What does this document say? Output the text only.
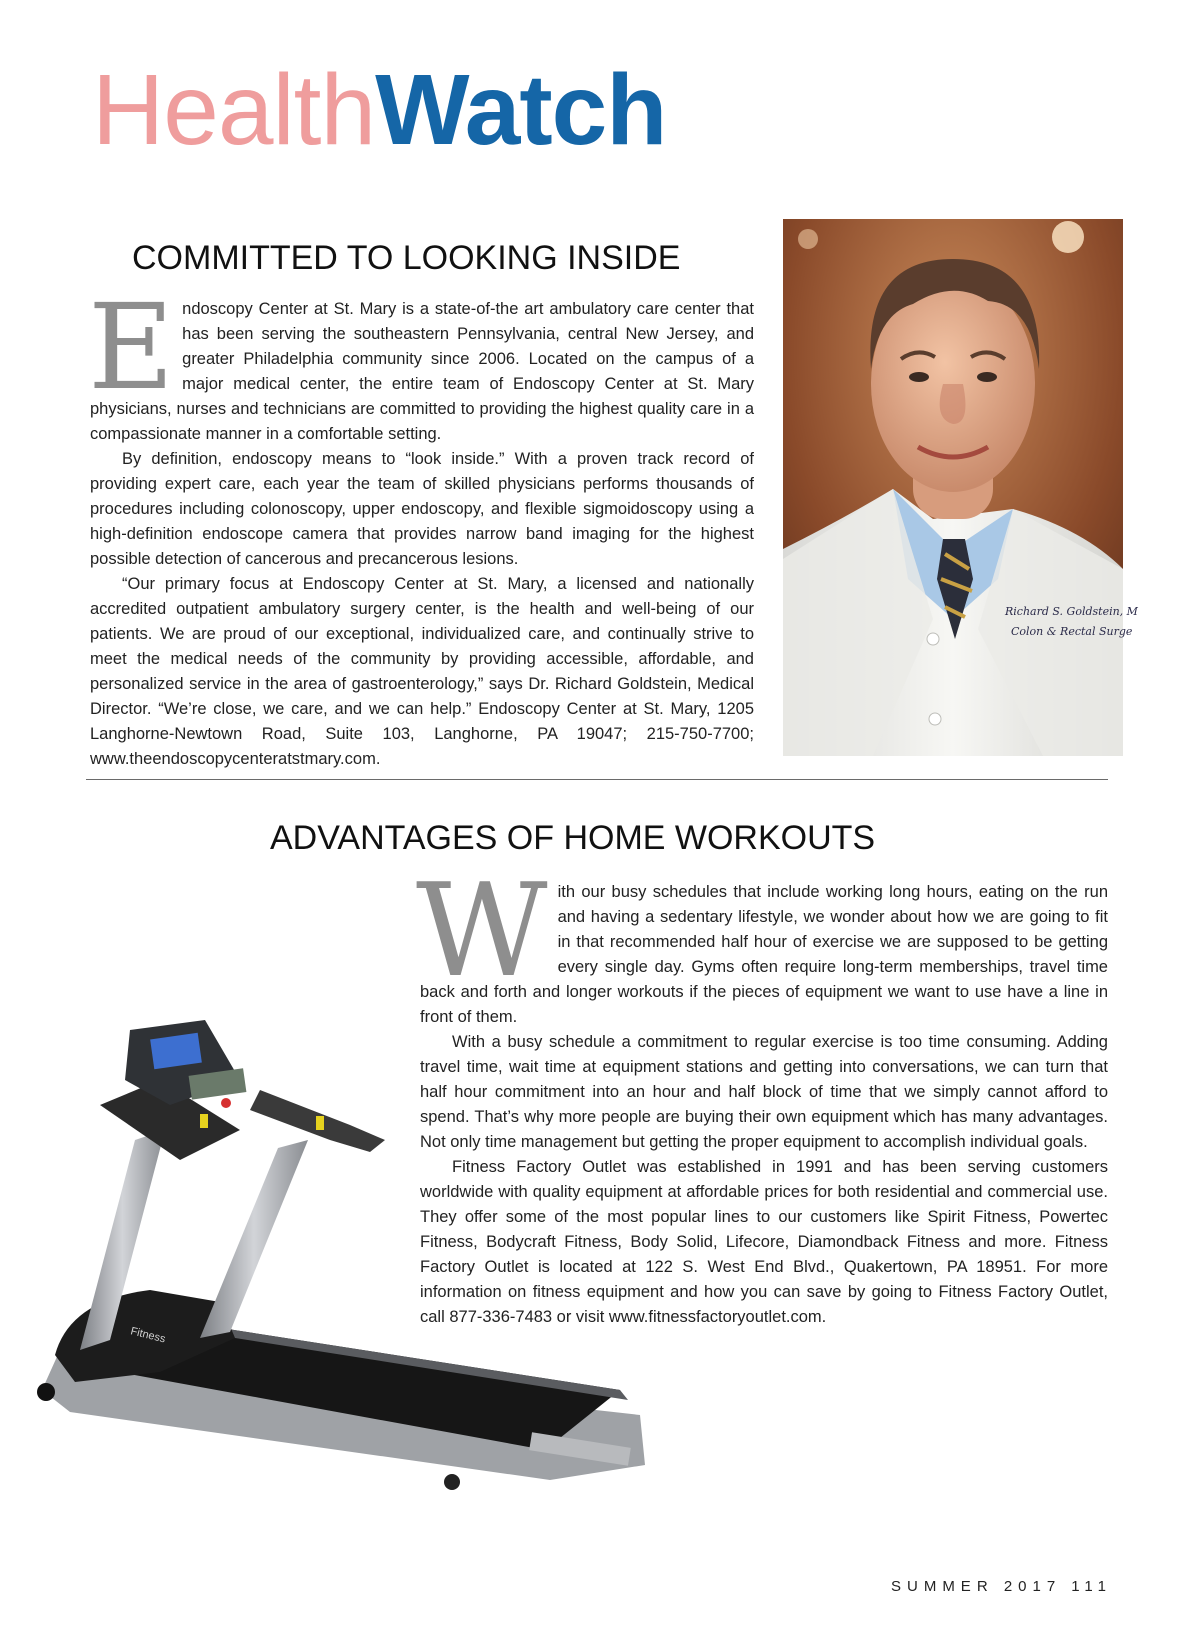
HealthWatch
COMMITTED TO LOOKING INSIDE

Endoscopy Center at St. Mary is a state-of-the art ambulatory care center that has been serving the southeastern Pennsylvania, central New Jersey, and greater Philadelphia community since 2006. Located on the campus of a major medical center, the entire team of Endoscopy Center at St. Mary physicians, nurses and technicians are committed to providing the highest quality care in a compassionate manner in a comfortable setting.

By definition, endoscopy means to “look inside.” With a proven track record of providing expert care, each year the team of skilled physicians performs thousands of procedures including colonoscopy, upper endoscopy, and flexible sigmoidoscopy using a high-definition endoscope camera that provides narrow band imaging for the highest possible detection of cancerous and precancerous lesions.

“Our primary focus at Endoscopy Center at St. Mary, a licensed and nationally accredited outpatient ambulatory surgery center, is the health and well-being of our patients. We are proud of our exceptional, individualized care, and continually strive to meet the medical needs of the community by providing accessible, affordable, and personalized service in the area of gastroenterology,” says Dr. Richard Goldstein, Medical Director. “We’re close, we care, and we can help.” Endoscopy Center at St. Mary, 1205 Langhorne-Newtown Road, Suite 103, Langhorne, PA 19047; 215-750-7700; www.theendoscopycenteratstmary.com.

Richard S. Goldstein, M
Colon & Rectal Surge
ADVANTAGES OF HOME WORKOUTS

With our busy schedules that include working long hours, eating on the run and having a sedentary lifestyle, we wonder about how we are going to fit in that recommended half hour of exercise we are supposed to be getting every single day. Gyms often require long-term memberships, travel time back and forth and longer workouts if the pieces of equipment we want to use have a line in front of them.

With a busy schedule a commitment to regular exercise is too time consuming. Adding travel time, wait time at equipment stations and getting into conversations, we can turn that half hour commitment into an hour and half block of time that we simply cannot afford to spend. That’s why more people are buying their own equipment which has many advantages. Not only time management but getting the proper equipment to accomplish individual goals.

Fitness Factory Outlet was established in 1991 and has been serving customers worldwide with quality equipment at affordable prices for both residential and commercial use. They offer some of the most popular lines to our customers like Spirit Fitness, Powertec Fitness, Bodycraft Fitness, Body Solid, Lifecore, Diamondback Fitness and more. Fitness Factory Outlet is located at 122 S. West End Blvd., Quakertown, PA 18951. For more information on fitness equipment and how you can save by going to Fitness Factory Outlet, call 877-336-7483 or visit www.fitnessfactoryoutlet.com.

Fitness
SUMMER 2017 111
